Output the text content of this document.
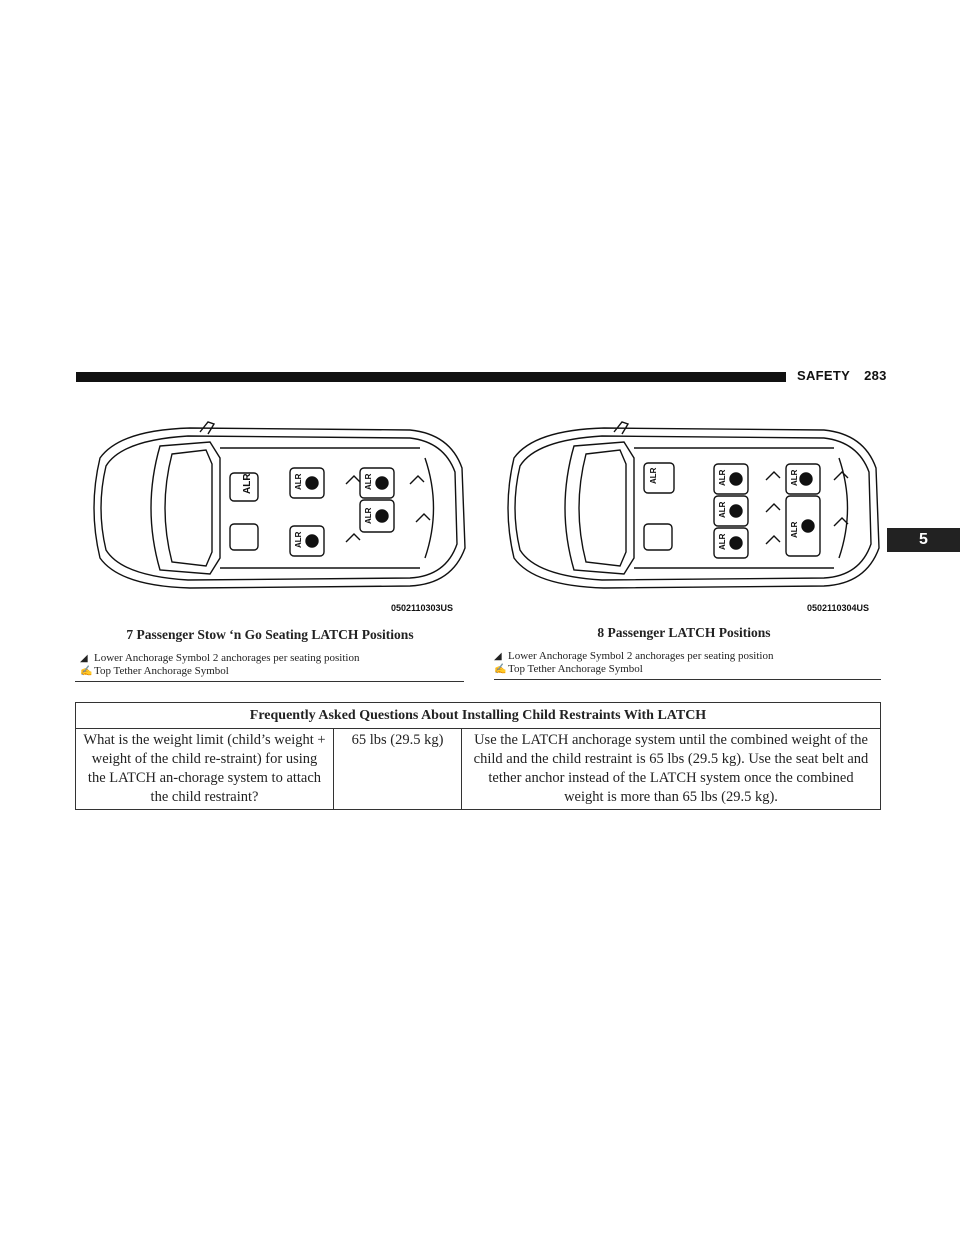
SAFETY 283
5
ALR	ALR
ALR
ALR
ALR
0502110303US
7 Passenger Stow ‘n Go Seating LATCH Positions
◢ Lower Anchorage Symbol 2 anchorages per seating position
✍ Top Tether Anchorage Symbol
ALR	ALR
ALR
ALR
ALR
ALR
0502110304US
8 Passenger LATCH Positions
◢ Lower Anchorage Symbol 2 anchorages per seating position
✍ Top Tether Anchorage Symbol
Frequently Asked Questions About Installing Child Restraints With LATCH
What is the weight limit (child’s weight + weight of the child re-straint) for using the LATCH an-chorage system to attach the child restraint?	65 lbs (29.5 kg)	Use the LATCH anchorage system until the combined weight of the child and the child restraint is 65 lbs (29.5 kg). Use the seat belt and tether anchor instead of the LATCH system once the combined weight is more than 65 lbs (29.5 kg).
